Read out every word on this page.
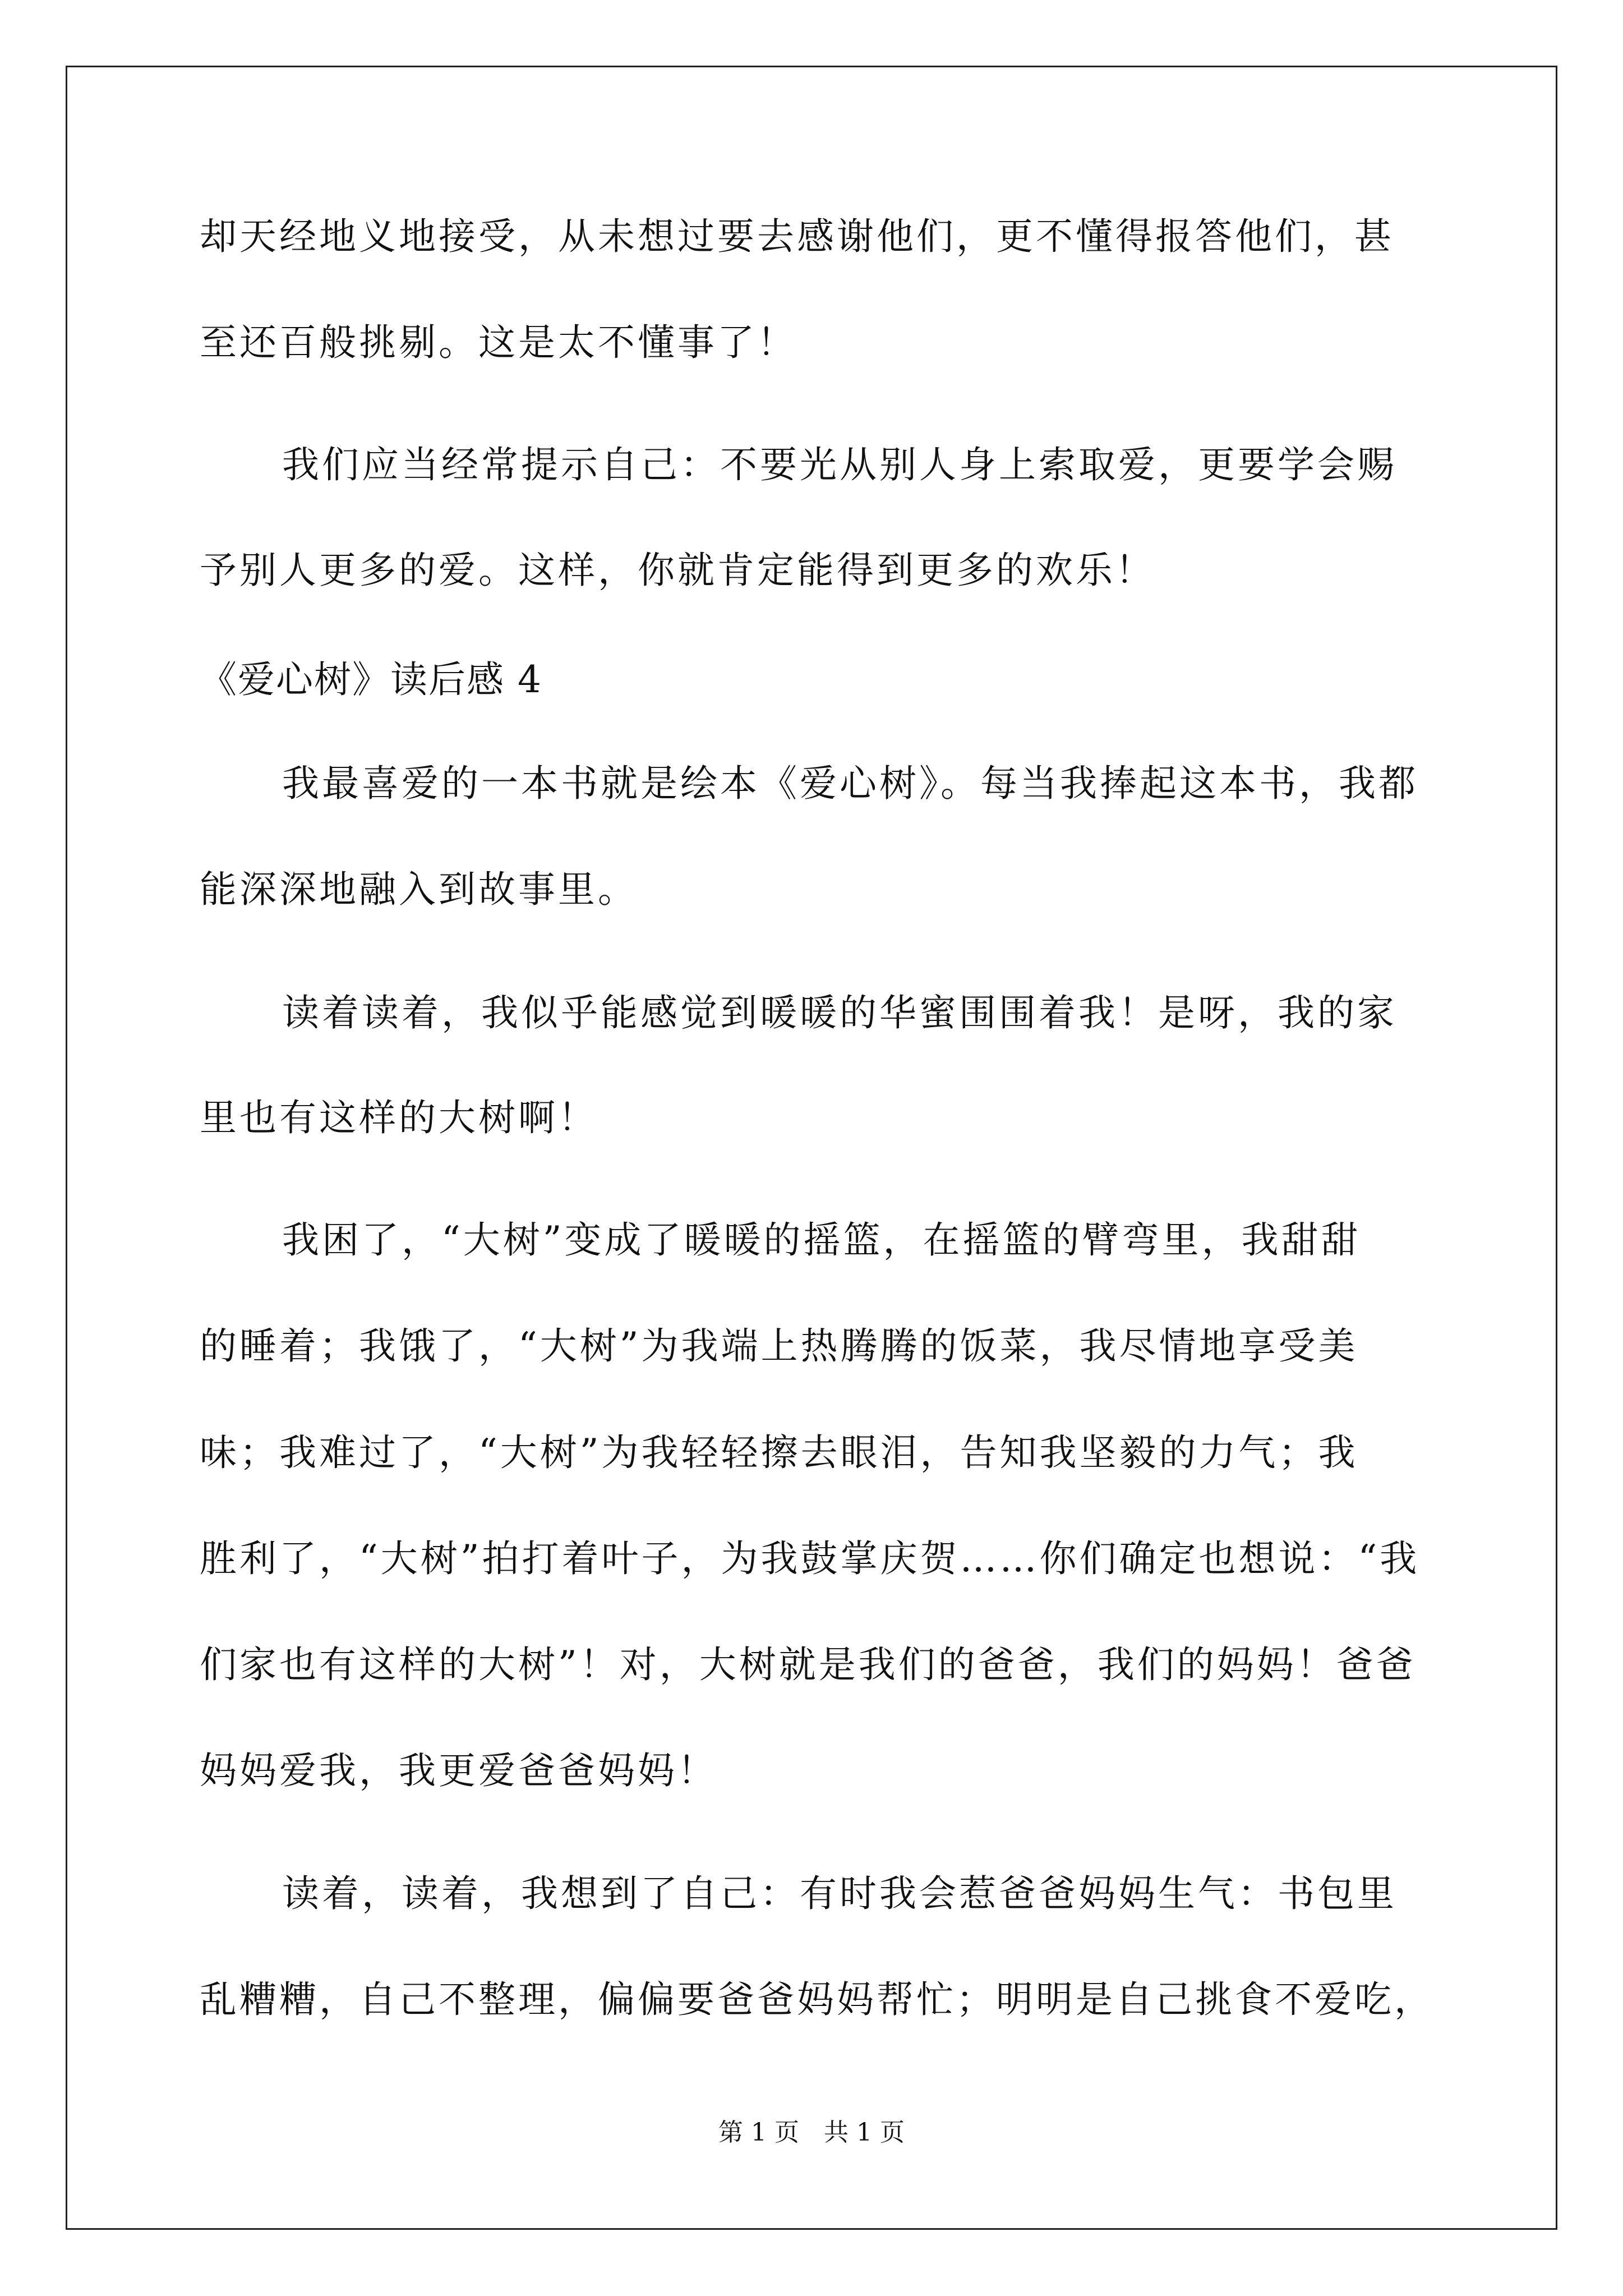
却天经地义地接受，从未想过要去感谢他们，更不懂得报答他们，甚
至还百般挑剔。这是太不懂事了！
我们应当经常提示自己：不要光从别人身上索取爱，更要学会赐
予别人更多的爱。这样，你就肯定能得到更多的欢乐！
《爱心树》读后感 4
我最喜爱的一本书就是绘本《爱心树》。每当我捧起这本书，我都
能深深地融入到故事里。
读着读着，我似乎能感觉到暖暖的华蜜围围着我！是呀，我的家
里也有这样的大树啊！
我困了，“大树”变成了暖暖的摇篮，在摇篮的臂弯里，我甜甜
的睡着；我饿了，“大树”为我端上热腾腾的饭菜，我尽情地享受美
味；我难过了，“大树”为我轻轻擦去眼泪，告知我坚毅的力气；我
胜利了，“大树”拍打着叶子，为我鼓掌庆贺……你们确定也想说：“我
们家也有这样的大树”！对，大树就是我们的爸爸，我们的妈妈！爸爸
妈妈爱我，我更爱爸爸妈妈！
读着，读着，我想到了自己：有时我会惹爸爸妈妈生气：书包里
乱糟糟，自己不整理，偏偏要爸爸妈妈帮忙；明明是自己挑食不爱吃，
第 1 页　共 1 页
